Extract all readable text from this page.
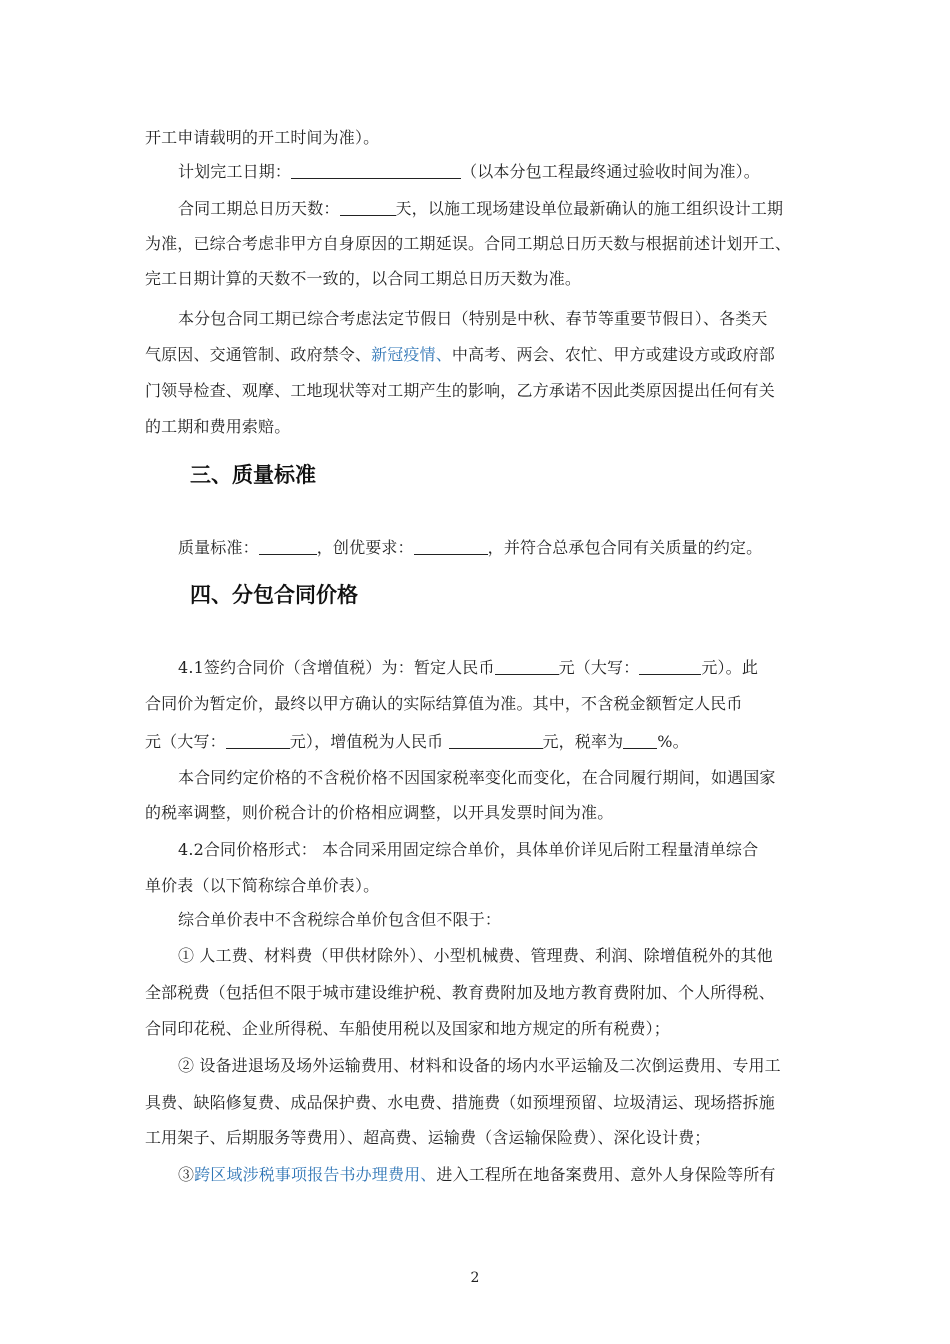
开工申请载明的开工时间为准）。
计划完工日期：	（以本分包工程最终通过验收时间为准）。
合同工期总日历天数：	天，以施工现场建设单位最新确认的施工组织设计工期
为准，已综合考虑非甲方自身原因的工期延误。合同工期总日历天数与根据前述计划开工、
完工日期计算的天数不一致的，以合同工期总日历天数为准。
本分包合同工期已综合考虑法定节假日（特别是中秋、春节等重要节假日）、各类天
气原因、交通管制、政府禁令、新冠疫情、中高考、两会、农忙、甲方或建设方或政府部
门领导检查、观摩、工地现状等对工期产生的影响，乙方承诺不因此类原因提出任何有关
的工期和费用索赔。
三、质量标准
质量标准：	，创优要求：	，并符合总承包合同有关质量的约定。
四、分包合同价格
4.1签约合同价（含增值税）为：暂定人民币	元（大写：	元）。此
合同价为暂定价，最终以甲方确认的实际结算值为准。其中，不含税金额暂定人民币
元（大写：	元），增值税为人民币	元，税率为 %。
本合同约定价格的不含税价格不因国家税率变化而变化，在合同履行期间，如遇国家
的税率调整，则价税合计的价格相应调整，以开具发票时间为准。
4.2合同价格形式： 本合同采用固定综合单价，具体单价详见后附工程量清单综合
单价表（以下简称综合单价表）。
综合单价表中不含税综合单价包含但不限于：
① 人工费、材料费（甲供材除外）、小型机械费、管理费、利润、除增值税外的其他
全部税费（包括但不限于城市建设维护税、教育费附加及地方教育费附加、个人所得税、
合同印花税、企业所得税、车船使用税以及国家和地方规定的所有税费）；
② 设备进退场及场外运输费用、材料和设备的场内水平运输及二次倒运费用、专用工
具费、缺陷修复费、成品保护费、水电费、措施费（如预埋预留、垃圾清运、现场搭拆施
工用架子、后期服务等费用）、超高费、运输费（含运输保险费）、深化设计费；
③跨区域涉税事项报告书办理费用、进入工程所在地备案费用、意外人身保险等所有
2
